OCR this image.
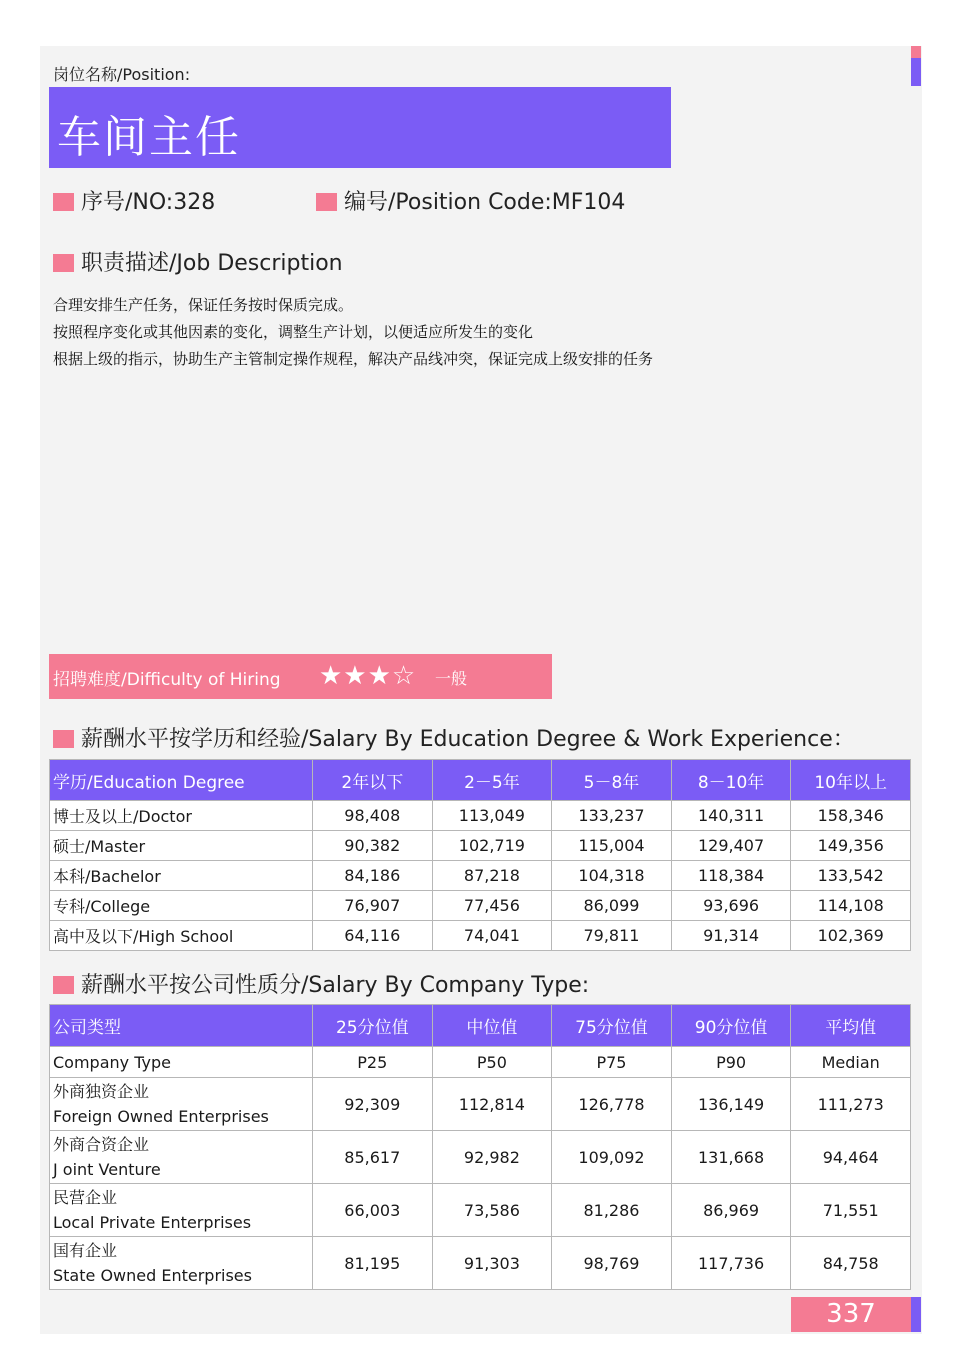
岗位名称/Position:
车间主任
序号/NO:328	编号/Position Code:MF104
职责描述/Job Description
合理安排生产任务，保证任务按时保质完成。
按照程序变化或其他因素的变化，调整生产计划，以便适应所发生的变化
根据上级的指示，协助生产主管制定操作规程，解决产品线冲突，保证完成上级安排的任务
招聘难度/Difficulty of Hiring ★★★☆ 一般
薪酬水平按学历和经验/Salary By Education Degree & Work Experience：
学历/Education Degree	2年以下	2－5年	5－8年	8－10年	10年以上
博士及以上/Doctor	98,408	113,049	133,237	140,311	158,346
硕士/Master	90,382	102,719	115,004	129,407	149,356
本科/Bachelor	84,186	87,218	104,318	118,384	133,542
专科/College	76,907	77,456	86,099	93,696	114,108
高中及以下/High School	64,116	74,041	79,811	91,314	102,369
薪酬水平按公司性质分/Salary By Company Type:
公司类型	25分位值	中位值	75分位值	90分位值	平均值
Company Type	P25	P50	P75	P90	Median

外商独资企业
Foreign Owned Enterprises	92,309	112,814	126,778	136,149	111,273

外商合资企业
J oint Venture	85,617	92,982	109,092	131,668	94,464

民营企业
Local Private Enterprises	66,003	73,586	81,286	86,969	71,551

国有企业
State Owned Enterprises	81,195	91,303	98,769	117,736	84,758
337
